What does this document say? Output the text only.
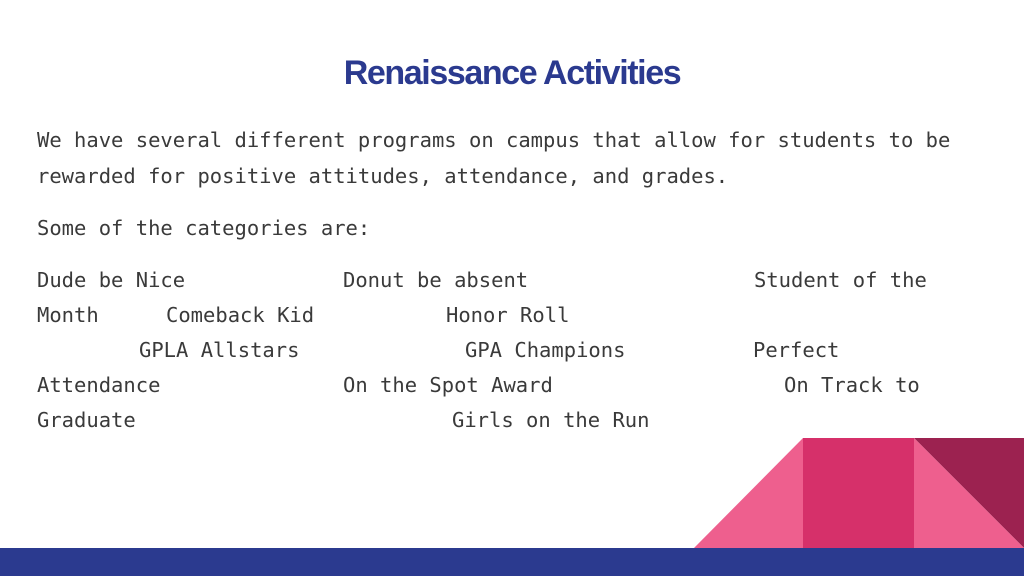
Renaissance Activities
We have several different programs on campus that allow for students to be
rewarded for positive attitudes, attendance, and grades.
Some of the categories are:
Dude be Nice	Donut be absent	Student of the
Month	Comeback Kid	Honor Roll
GPLA Allstars	GPA Champions	Perfect
Attendance	On the Spot Award	On Track to
Graduate	Girls on the Run
